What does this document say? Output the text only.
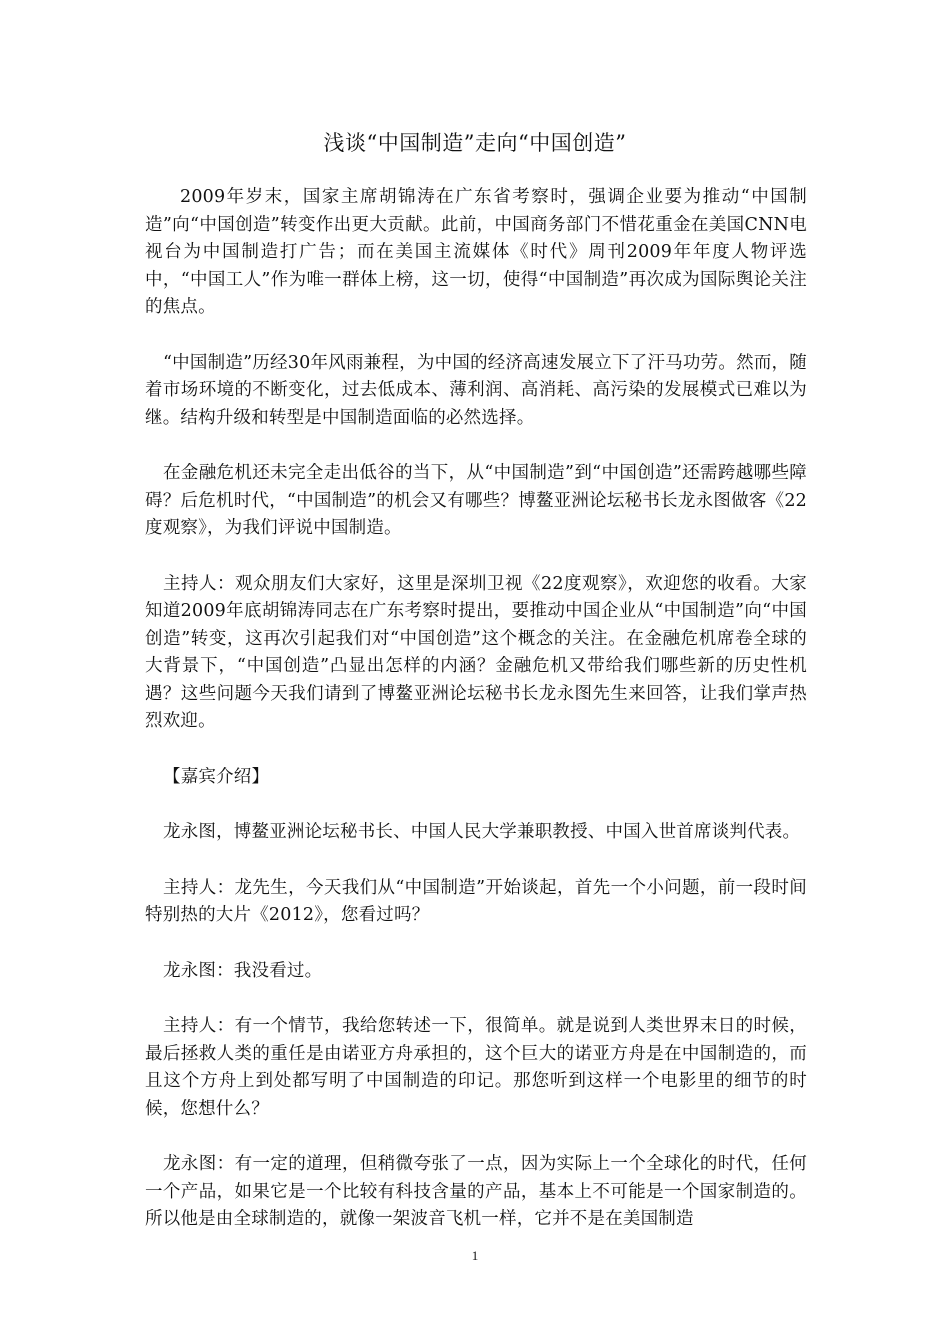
浅谈“中国制造”走向“中国创造”

2009年岁末，国家主席胡锦涛在广东省考察时，强调企业要为推动“中国制造”向“中国创造”转变作出更大贡献。此前，中国商务部门不惜花重金在美国CNN电视台为中国制造打广告；而在美国主流媒体《时代》周刊2009年年度人物评选中，“中国工人”作为唯一群体上榜，这一切，使得“中国制造”再次成为国际舆论关注的焦点。

“中国制造”历经30年风雨兼程，为中国的经济高速发展立下了汗马功劳。然而，随着市场环境的不断变化，过去低成本、薄利润、高消耗、高污染的发展模式已难以为继。结构升级和转型是中国制造面临的必然选择。

在金融危机还未完全走出低谷的当下，从“中国制造”到“中国创造”还需跨越哪些障碍？后危机时代，“中国制造”的机会又有哪些？博鳌亚洲论坛秘书长龙永图做客《22度观察》，为我们评说中国制造。

主持人：观众朋友们大家好，这里是深圳卫视《22度观察》，欢迎您的收看。大家知道2009年底胡锦涛同志在广东考察时提出，要推动中国企业从“中国制造”向“中国创造”转变，这再次引起我们对“中国创造”这个概念的关注。在金融危机席卷全球的大背景下，“中国创造”凸显出怎样的内涵？金融危机又带给我们哪些新的历史性机遇？这些问题今天我们请到了博鳌亚洲论坛秘书长龙永图先生来回答，让我们掌声热烈欢迎。

【嘉宾介绍】

龙永图，博鳌亚洲论坛秘书长、中国人民大学兼职教授、中国入世首席谈判代表。

主持人：龙先生，今天我们从“中国制造”开始谈起，首先一个小问题，前一段时间特别热的大片《2012》，您看过吗？

龙永图：我没看过。

主持人：有一个情节，我给您转述一下，很简单。就是说到人类世界末日的时候，最后拯救人类的重任是由诺亚方舟承担的，这个巨大的诺亚方舟是在中国制造的，而且这个方舟上到处都写明了中国制造的印记。那您听到这样一个电影里的细节的时候，您想什么？

龙永图：有一定的道理，但稍微夸张了一点，因为实际上一个全球化的时代，任何一个产品，如果它是一个比较有科技含量的产品，基本上不可能是一个国家制造的。所以他是由全球制造的，就像一架波音飞机一样，它并不是在美国制造

1
